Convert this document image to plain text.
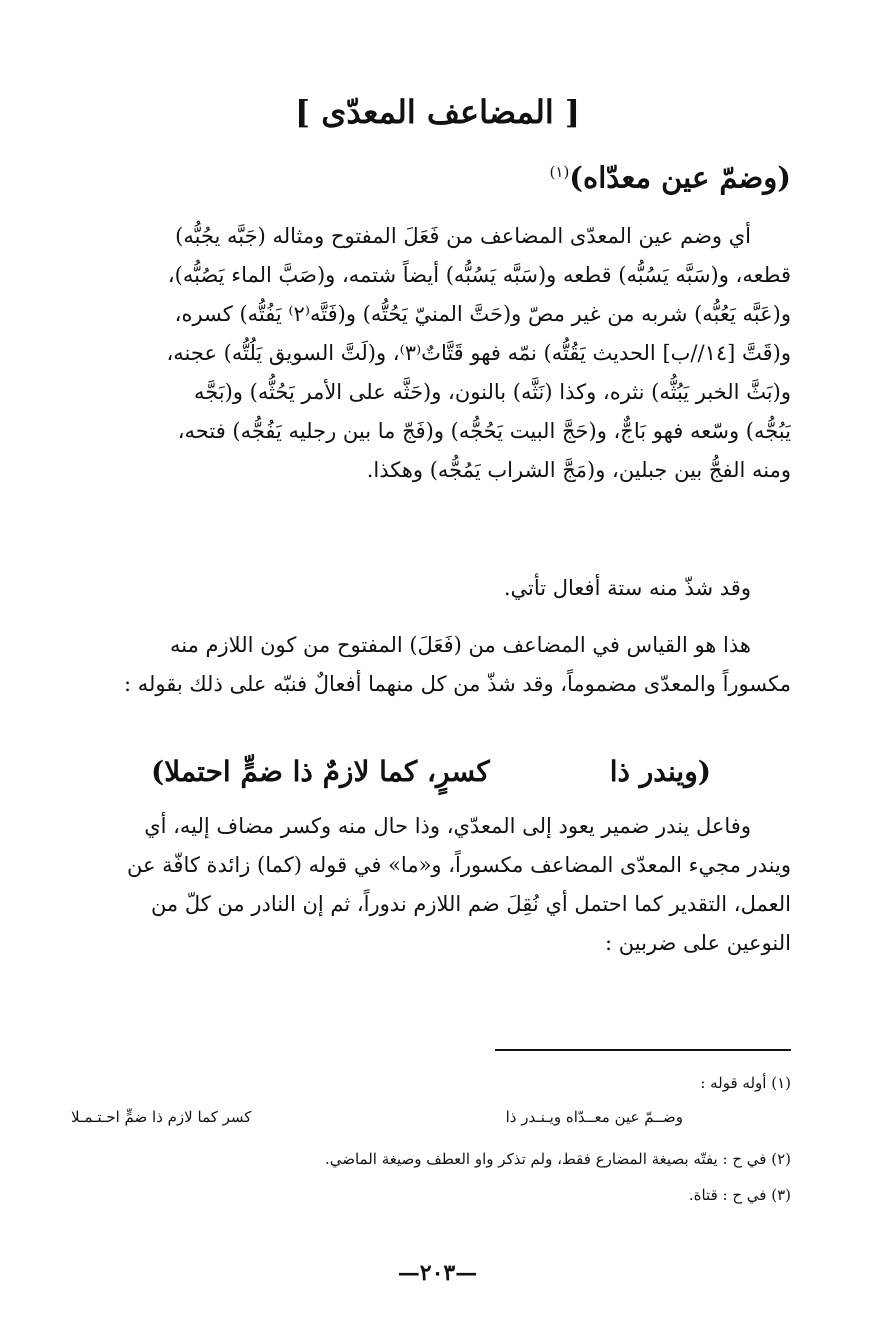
[ المضاعف المعدّى ]
(وضمّ عين معدّاه)$^{(١)}$
أي وضم عين المعدّى المضاعف من فَعَلَ المفتوح ومثاله (جَبَّه يجُبُّه)
قطعه، و(سَبَّه يَسُبُّه) قطعه و(سَبَّه يَسُبُّه) أيضاً شتمه، و(صَبَّ الماء يَصُبُّه)،
و(عَبَّه يَعُبُّه) شربه من غير مصّ و(حَتَّ المنيّ يَحُتُّه) و(فَتَّه⁽٢⁾ يَفُتُّه) كسره،
و(قَتَّ [١٤//ب] الحديث يَقُتُّه) نمّه فهو قَتَّاتٌ⁽٣⁾، و(لَتَّ السويق يَلُتُّه) عجنه،
و(بَثَّ الخبر يَبُثُّه) نثره، وكذا (نَثَّه) بالنون، و(حَثَّه على الأمر يَحُثُّه) و(بَجَّه
يَبُجُّه) وسّعه فهو بَاجٌّ، و(حَجَّ البيت يَحُجُّه) و(فَجّ ما بين رجليه يَفُجُّه) فتحه،
ومنه الفجُّ بين جبلين، و(مَجَّ الشراب يَمُجُّه) وهكذا.
وقد شذّ منه ستة أفعال تأتي.
هذا هو القياس في المضاعف من (فَعَلَ) المفتوح من كون اللازم منه
مكسوراً والمعدّى مضموماً، وقد شذّ من كل منهما أفعالٌ فنبّه على ذلك بقوله :
(ويندر ذا
كسرٍ، كما لازمٌ ذا ضمٍّ احتملا)
وفاعل يندر ضمير يعود إلى المعدّي، وذا حال منه وكسر مضاف إليه، أي
ويندر مجيء المعدّى المضاعف مكسوراً، و«ما» في قوله (كما) زائدة كافّة عن
العمل، التقدير كما احتمل أي نُقِلَ ضم اللازم ندوراً، ثم إن النادر من كلّ من
النوعين على ضربين :
(١) أوله قوله :
وضــمّ عين معــدّاه ويـنـدر ذا
كسر كما لازم ذا ضمٍّ احـتـمـلا
(٢) في ح : يفتّه بصيغة المضارع فقط، ولم تذكر واو العطف وصيغة الماضي.
(٣) في ح : قتاة.
—٢٠٣—
